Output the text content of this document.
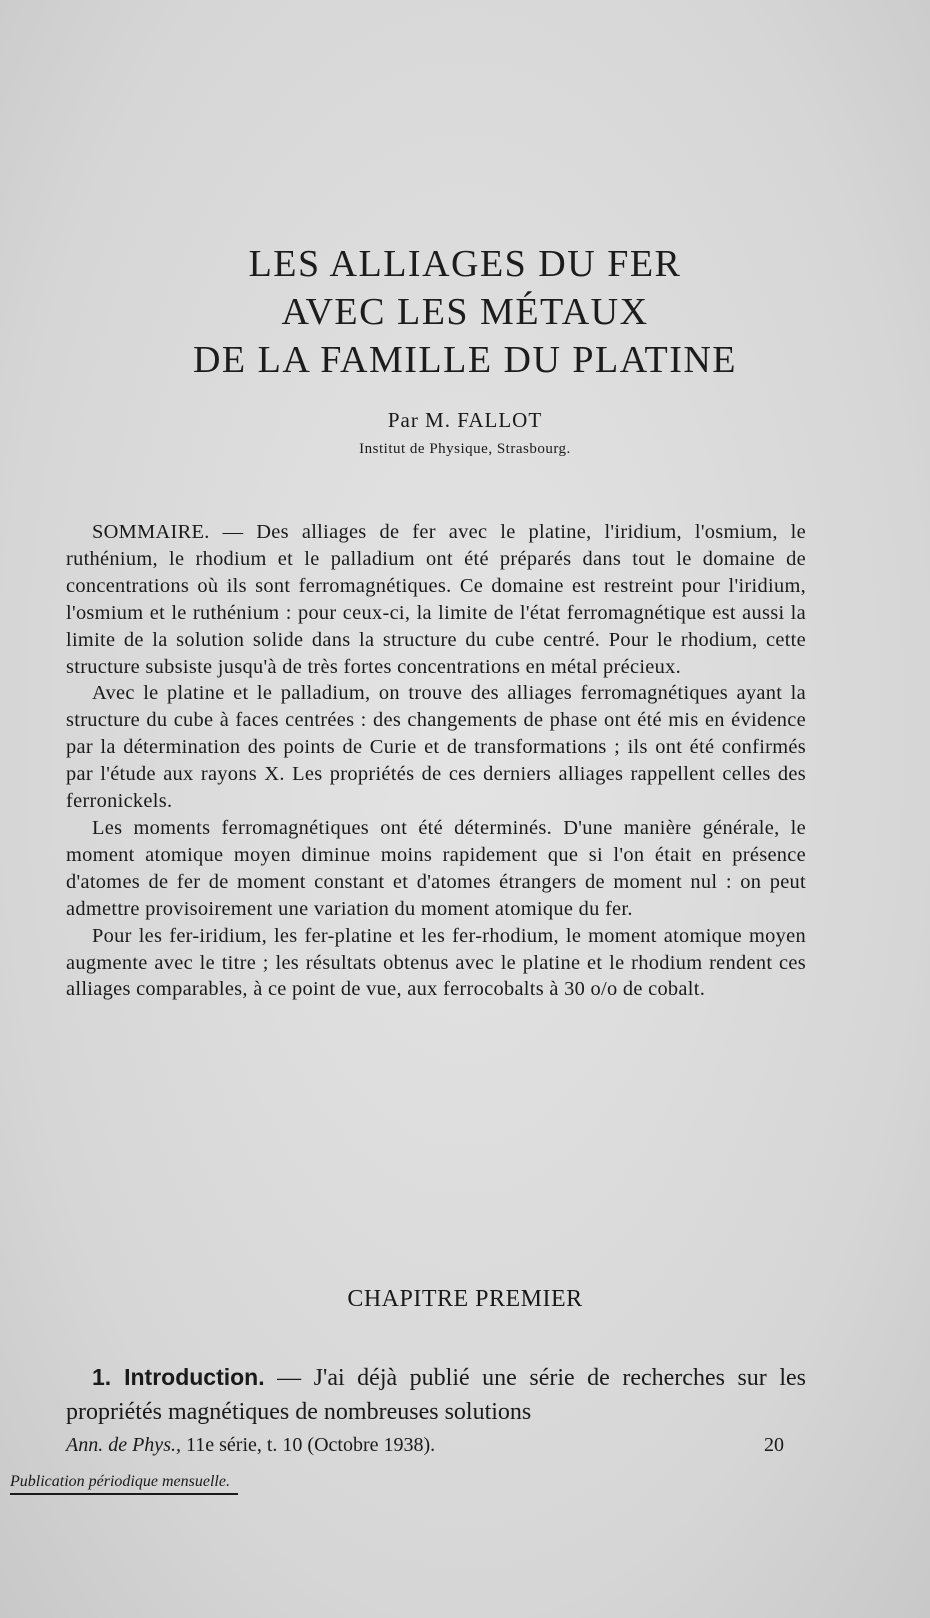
LES ALLIAGES DU FER
AVEC LES MÉTAUX
DE LA FAMILLE DU PLATINE
Par M. FALLOT
Institut de Physique, Strasbourg.

SOMMAIRE. — Des alliages de fer avec le platine, l'iridium, l'osmium, le ruthénium, le rhodium et le palladium ont été préparés dans tout le domaine de concentrations où ils sont ferromagnétiques. Ce domaine est restreint pour l'iridium, l'osmium et le ruthénium : pour ceux-ci, la limite de l'état ferromagnétique est aussi la limite de la solution solide dans la structure du cube centré. Pour le rhodium, cette structure subsiste jusqu'à de très fortes concentrations en métal précieux.

Avec le platine et le palladium, on trouve des alliages ferromagnétiques ayant la structure du cube à faces centrées : des changements de phase ont été mis en évidence par la détermination des points de Curie et de transformations ; ils ont été confirmés par l'étude aux rayons X. Les propriétés de ces derniers alliages rappellent celles des ferronickels.

Les moments ferromagnétiques ont été déterminés. D'une manière générale, le moment atomique moyen diminue moins rapidement que si l'on était en présence d'atomes de fer de moment constant et d'atomes étrangers de moment nul : on peut admettre provisoirement une variation du moment atomique du fer.

Pour les fer-iridium, les fer-platine et les fer-rhodium, le moment atomique moyen augmente avec le titre ; les résultats obtenus avec le platine et le rhodium rendent ces alliages comparables, à ce point de vue, aux ferrocobalts à 30 o/o de cobalt.

CHAPITRE PREMIER

1. Introduction. — J'ai déjà publié une série de recherches sur les propriétés magnétiques de nombreuses solutions

Ann. de Phys., 11e série, t. 10 (Octobre 1938).	20
Publication périodique mensuelle.
